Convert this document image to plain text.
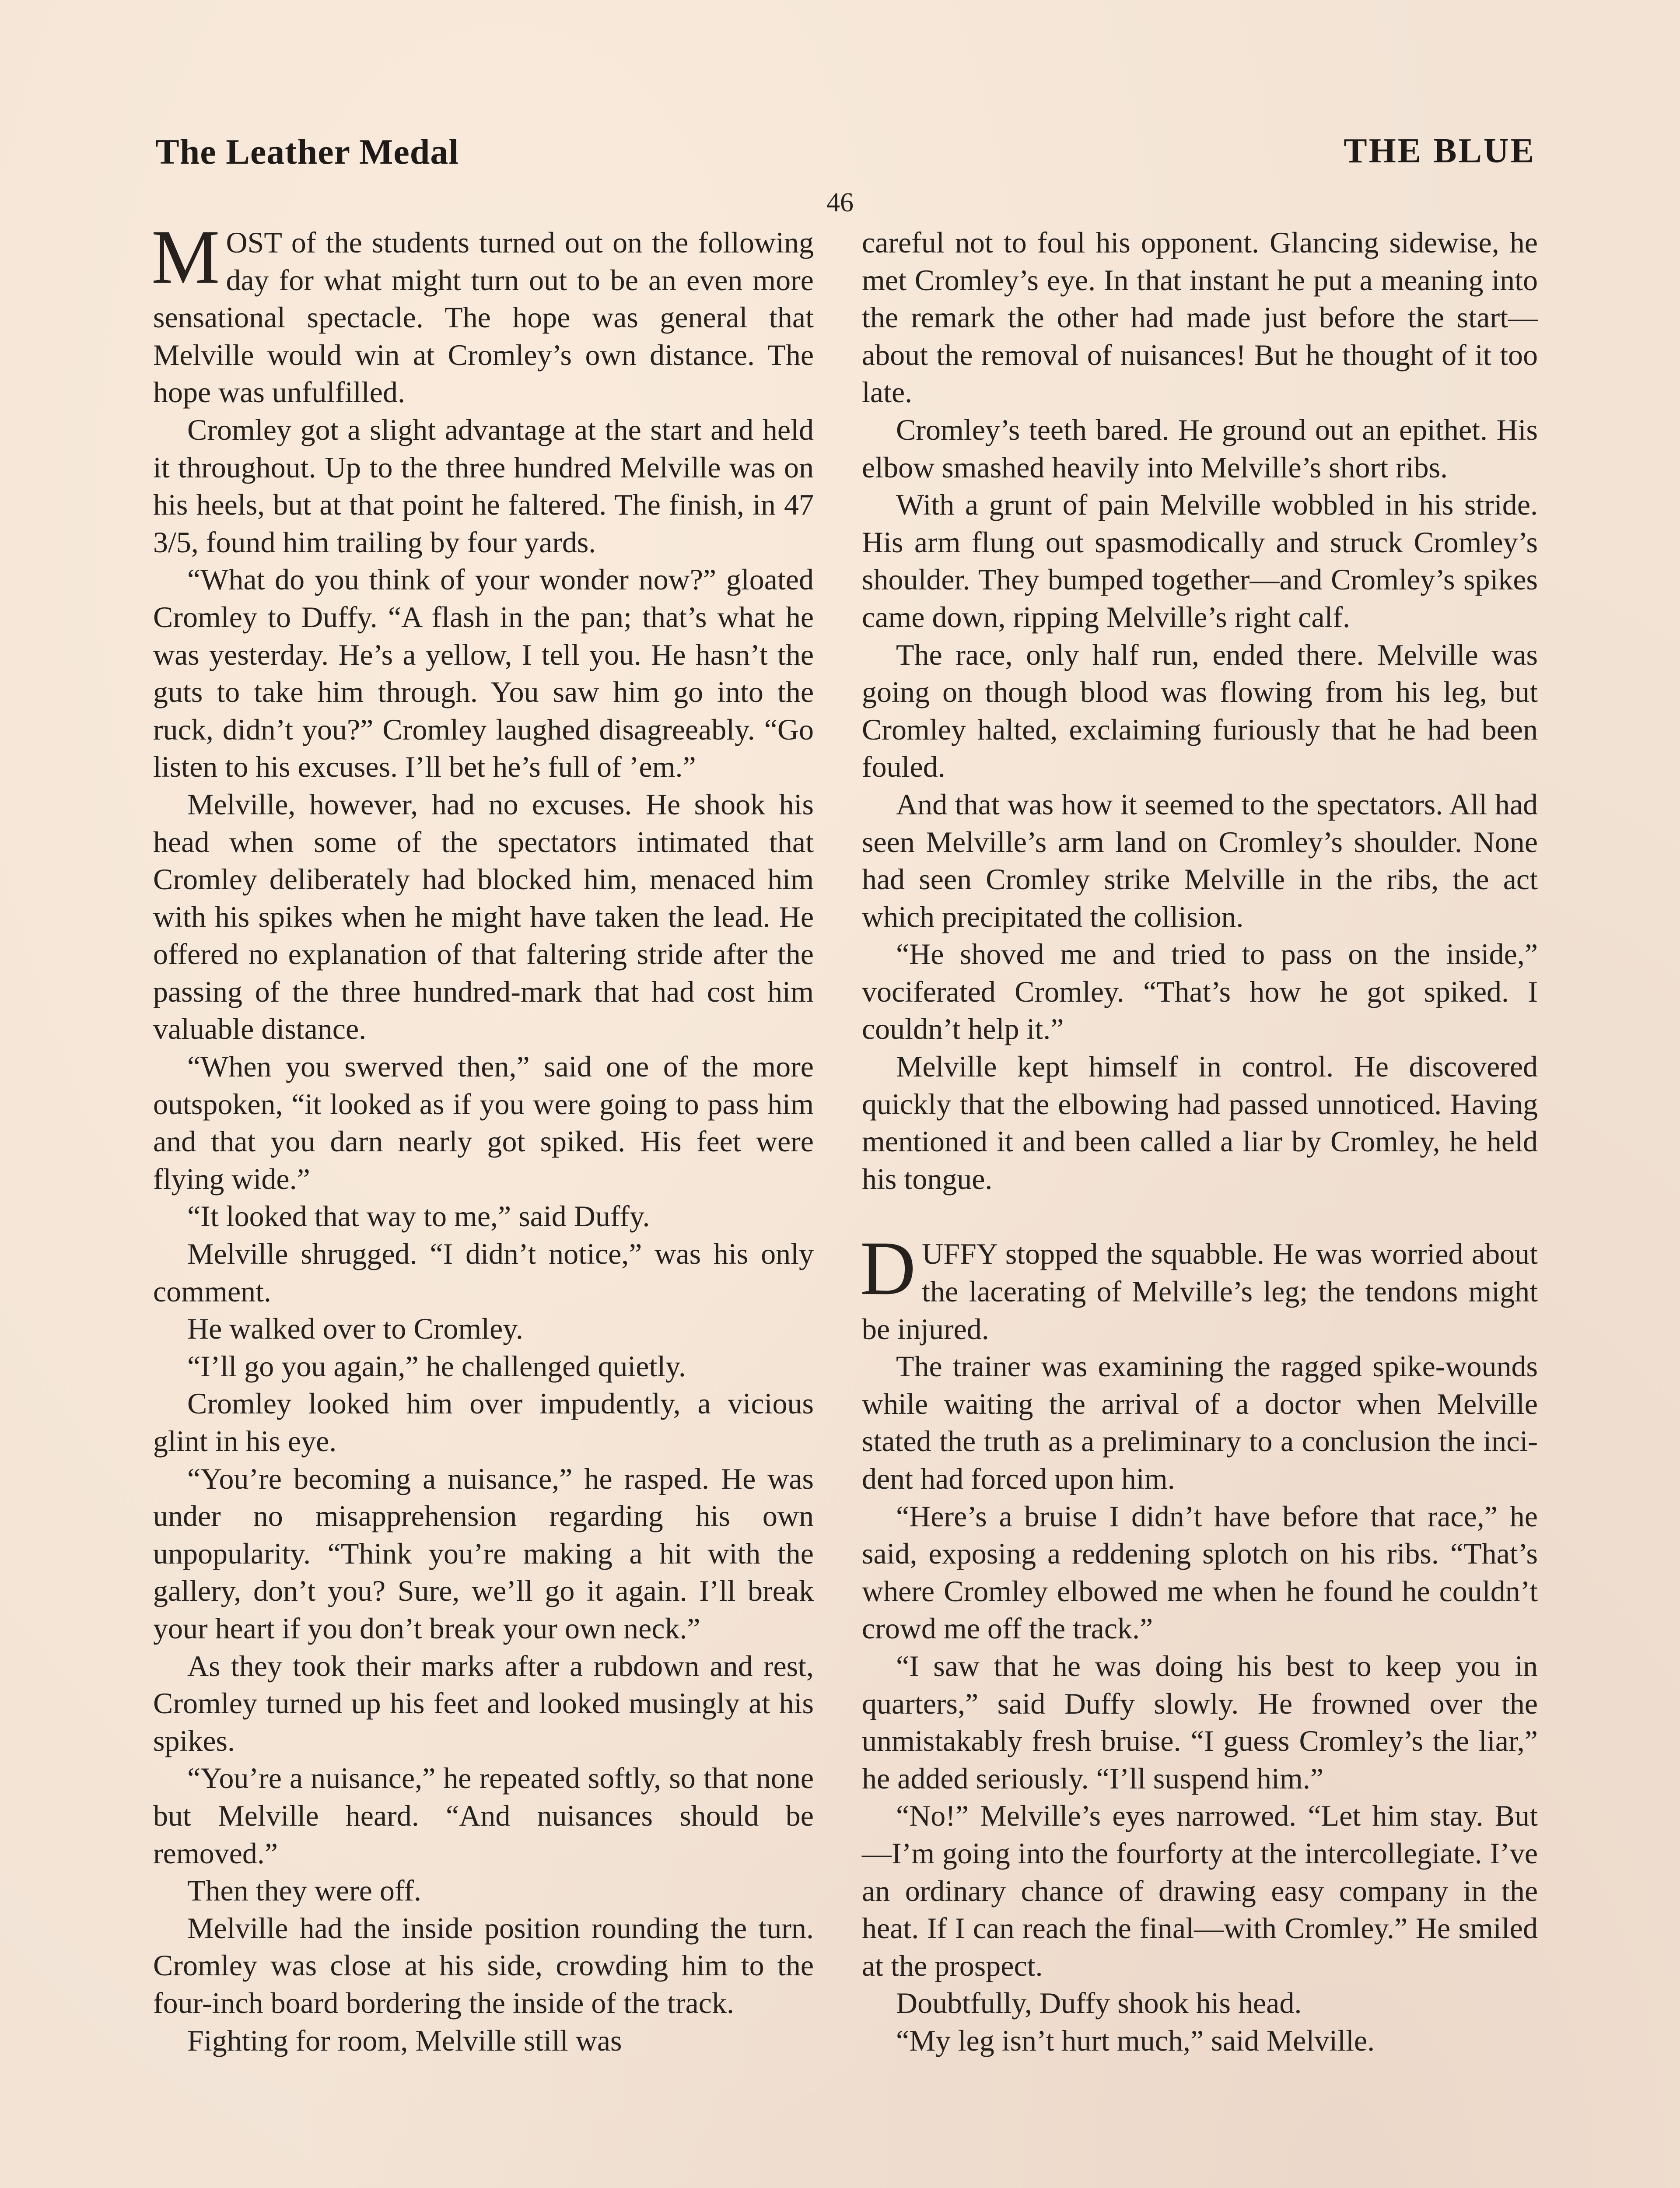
The Leather Medal	THE BLUE
46

MOST of the students turned out on the following day for what might turn out to be an even more sensational spectacle. The hope was general that Melville would win at Cromley’s own distance. The hope was unfulfilled.

Cromley got a slight advantage at the start and held it throughout. Up to the three hundred Melville was on his heels, but at that point he faltered. The finish, in 47 3/5, found him trailing by four yards.

“What do you think of your wonder now?” gloated Cromley to Duffy. “A flash in the pan; that’s what he was yesterday. He’s a yellow, I tell you. He hasn’t the guts to take him through. You saw him go into the ruck, didn’t you?” Cromley laughed disagreeably. “Go listen to his excuses. I’ll bet he’s full of ’em.”

Melville, however, had no excuses. He shook his head when some of the spectators intimated that Cromley deliberately had blocked him, menaced him with his spikes when he might have taken the lead. He offered no explanation of that faltering stride after the passing of the three hundred-mark that had cost him valuable distance.

“When you swerved then,” said one of the more outspoken, “it looked as if you were going to pass him and that you darn nearly got spiked. His feet were flying wide.”

“It looked that way to me,” said Duffy.

Melville shrugged. “I didn’t notice,” was his only comment.

He walked over to Cromley.

“I’ll go you again,” he challenged quietly.

Cromley looked him over impudently, a vicious glint in his eye.

“You’re becoming a nuisance,” he rasped. He was under no misapprehension regarding his own unpopularity. “Think you’re making a hit with the gallery, don’t you? Sure, we’ll go it again. I’ll break your heart if you don’t break your own neck.”

As they took their marks after a rubdown and rest, Cromley turned up his feet and looked musingly at his spikes.

“You’re a nuisance,” he repeated softly, so that none but Melville heard. “And nuisances should be removed.”

Then they were off.

Melville had the inside position rounding the turn. Cromley was close at his side, crowding him to the four-inch board bordering the inside of the track.

Fighting for room, Melville still was

careful not to foul his opponent. Glancing sidewise, he met Cromley’s eye. In that instant he put a meaning into the remark the other had made just before the start—about the removal of nuisances! But he thought of it too late.

Cromley’s teeth bared. He ground out an epithet. His elbow smashed heavily into Melville’s short ribs.

With a grunt of pain Melville wobbled in his stride. His arm flung out spasmodically and struck Cromley’s shoulder. They bumped together—and Cromley’s spikes came down, ripping Melville’s right calf.

The race, only half run, ended there. Melville was going on though blood was flowing from his leg, but Cromley halted, exclaiming furiously that he had been fouled.

And that was how it seemed to the spectators. All had seen Melville’s arm land on Cromley’s shoulder. None had seen Cromley strike Melville in the ribs, the act which precipitated the collision.

“He shoved me and tried to pass on the inside,” vociferated Cromley. “That’s how he got spiked. I couldn’t help it.”

Melville kept himself in control. He discovered quickly that the elbowing had passed unnoticed. Having mentioned it and been called a liar by Cromley, he held his tongue.

DUFFY stopped the squabble. He was worried about the lacerating of Melville’s leg; the tendons might be injured.

The trainer was examining the ragged spike-wounds while waiting the arrival of a doctor when Melville stated the truth as a preliminary to a conclusion the incident had forced upon him.

“Here’s a bruise I didn’t have before that race,” he said, exposing a reddening splotch on his ribs. “That’s where Cromley elbowed me when he found he couldn’t crowd me off the track.”

“I saw that he was doing his best to keep you in quarters,” said Duffy slowly. He frowned over the unmistakably fresh bruise. “I guess Cromley’s the liar,” he added seriously. “I’ll suspend him.”

“No!” Melville’s eyes narrowed. “Let him stay. But—I’m going into the fourforty at the intercollegiate. I’ve an ordinary chance of drawing easy company in the heat. If I can reach the final—with Cromley.” He smiled at the prospect.

Doubtfully, Duffy shook his head.

“My leg isn’t hurt much,” said Melville.
